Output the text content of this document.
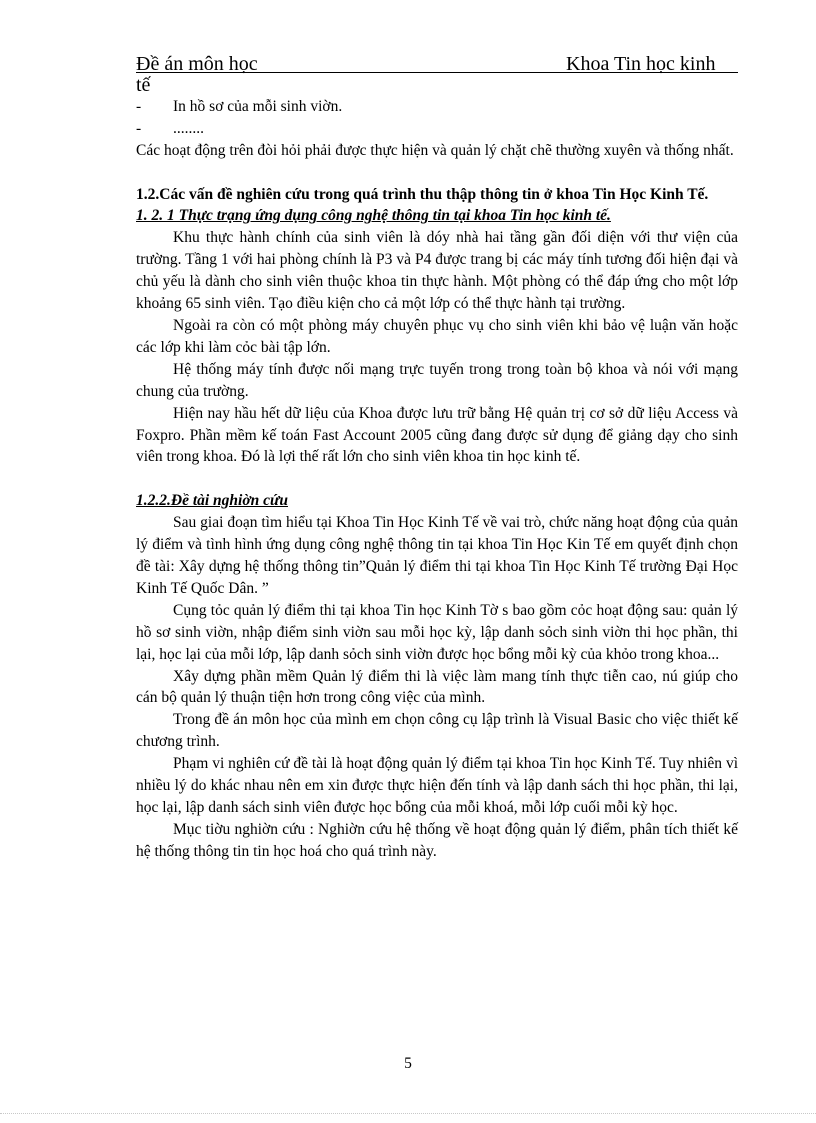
Đề án môn học	Khoa Tin học kinh
tế
- In hồ sơ của mỗi sinh viờn.
- ........

Các hoạt động trên đòi hỏi phải được thực hiện và quản lý chặt chẽ thường xuyên và thống nhất.

1.2.Các vấn đề nghiên cứu trong quá trình thu thập thông tin ở khoa Tin Học Kinh Tế.

1. 2. 1 Thực trạng ứng dụng công nghệ thông tin tại khoa Tin học kinh tế.

Khu thực hành chính của sinh viên là dóy nhà hai tầng gần đối diện với thư viện của trường. Tầng 1 với hai phòng chính là P3 và P4 được trang bị các máy tính tương đối hiện đại và chủ yếu là dành cho sinh viên thuộc khoa tin thực hành. Một phòng có thể đáp ứng cho một lớp khoảng 65 sinh viên. Tạo điều kiện cho cả một lớp có thể thực hành tại trường.

Ngoài ra còn có một phòng máy chuyên phục vụ cho sinh viên khi bảo vệ luận văn hoặc các lớp khi làm cỏc bài tập lớn.

Hệ thống máy tính được nối mạng trực tuyến trong trong toàn bộ khoa và nói với mạng chung của trường.

Hiện nay hầu hết dữ liệu của Khoa được lưu trữ bằng Hệ quản trị cơ sở dữ liệu Access và Foxpro. Phần mềm kế toán Fast Account 2005 cũng đang được sử dụng để giảng dạy cho sinh viên trong khoa. Đó là lợi thế rất lớn cho sinh viên khoa tin học kinh tế.

1.2.2.Đề tài nghiờn cứu

Sau giai đoạn tìm hiểu tại Khoa Tin Học Kinh Tế về vai trò, chức năng hoạt động của quản lý điểm và tình hình ứng dụng công nghệ thông tin tại khoa Tin Học Kin Tế em quyết định chọn đề tài: Xây dựng hệ thống thông tin”Quản lý điểm thi tại khoa Tin Học Kinh Tế trường Đại Học Kinh Tế Quốc Dân. ”

Cụng tỏc quản lý điểm thi tại khoa Tin học Kinh Tờ s bao gồm cỏc hoạt động sau: quản lý hồ sơ sinh viờn, nhập điểm sinh viờn sau mỗi học kỳ, lập danh sỏch sinh viờn thi học phần, thi lại, học lại của mỗi lớp, lập danh sỏch sinh viờn được học bổng mỗi kỳ của khỏo trong khoa...

Xây dựng phần mềm Quản lý điểm thi là việc làm mang tính thực tiễn cao, nú giúp cho cán bộ quản lý thuận tiện hơn trong công việc của mình.

Trong đề án môn học của mình em chọn công cụ lập trình là Visual Basic cho việc thiết kế chương trình.

Phạm vi nghiên cứ đề tài là hoạt động quản lý điểm tại khoa Tin học Kinh Tế. Tuy nhiên vì nhiều lý do khác nhau nên em xin được thực hiện đến tính và lập danh sách thi học phần, thi lại, học lại, lập danh sách sinh viên được học bổng của mỗi khoá, mỗi lớp cuối mỗi kỳ học.

Mục tiờu nghiờn cứu : Nghiờn cứu hệ thống về hoạt động quản lý điểm, phân tích thiết kế hệ thống thông tin tin học hoá cho quá trình này.

5
